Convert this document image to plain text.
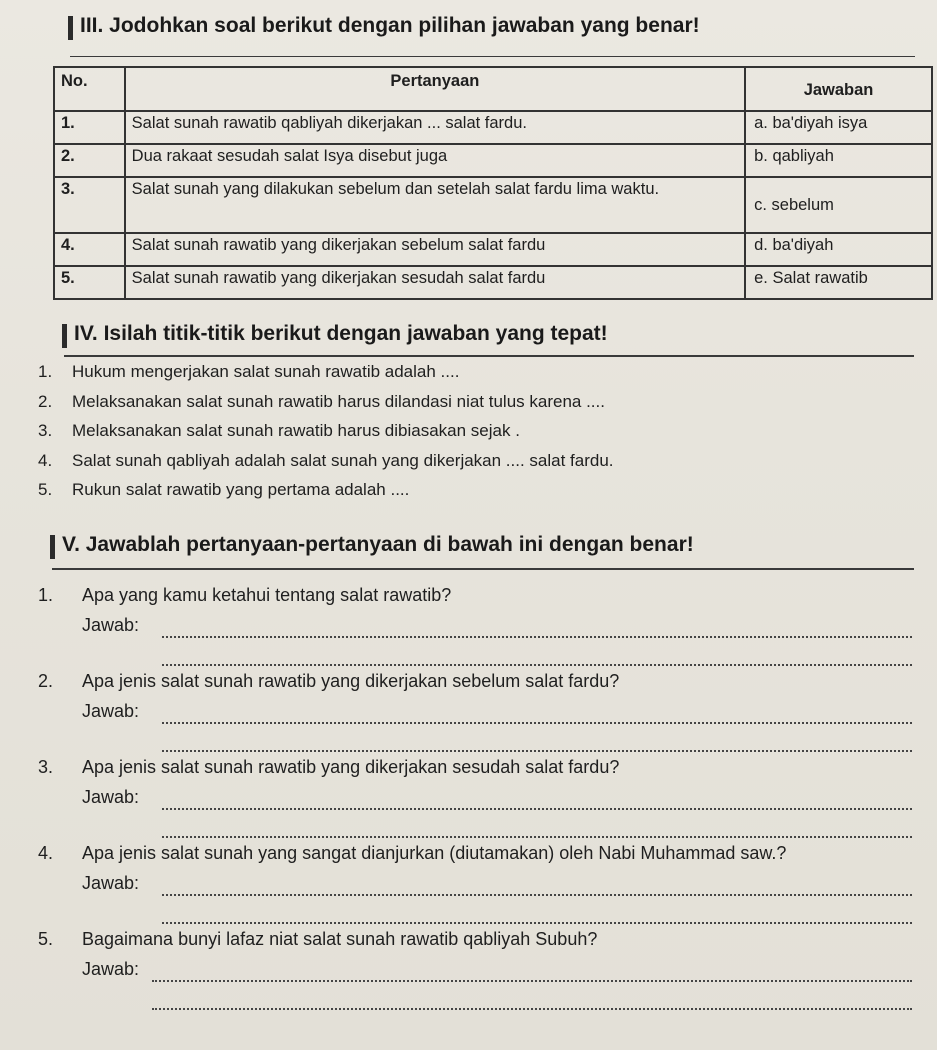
III. Jodohkan soal berikut dengan pilihan jawaban yang benar!
No.	Pertanyaan	Jawaban
1.	Salat sunah rawatib qabliyah dikerjakan ... salat fardu.	a. ba'diyah isya
2.	Dua rakaat sesudah salat Isya disebut juga	b. qabliyah
3.	Salat sunah yang dilakukan sebelum dan setelah salat fardu lima waktu.	c. sebelum
4.	Salat sunah rawatib yang dikerjakan sebelum salat fardu	d. ba'diyah
5.	Salat sunah rawatib yang dikerjakan sesudah salat fardu	e. Salat rawatib
IV. Isilah titik-titik berikut dengan jawaban yang tepat!
1. Hukum mengerjakan salat sunah rawatib adalah ....
2. Melaksanakan salat sunah rawatib harus dilandasi niat tulus karena ....
3. Melaksanakan salat sunah rawatib harus dibiasakan sejak .
4. Salat sunah qabliyah adalah salat sunah yang dikerjakan .... salat fardu.
5. Rukun salat rawatib yang pertama adalah ....
V. Jawablah pertanyaan-pertanyaan di bawah ini dengan benar!
1. Apa yang kamu ketahui tentang salat rawatib?
Jawab:
2. Apa jenis salat sunah rawatib yang dikerjakan sebelum salat fardu?
Jawab:
3. Apa jenis salat sunah rawatib yang dikerjakan sesudah salat fardu?
Jawab:
4. Apa jenis salat sunah yang sangat dianjurkan (diutamakan) oleh Nabi Muhammad saw.?
Jawab:
5. Bagaimana bunyi lafaz niat salat sunah rawatib qabliyah Subuh?
Jawab:
